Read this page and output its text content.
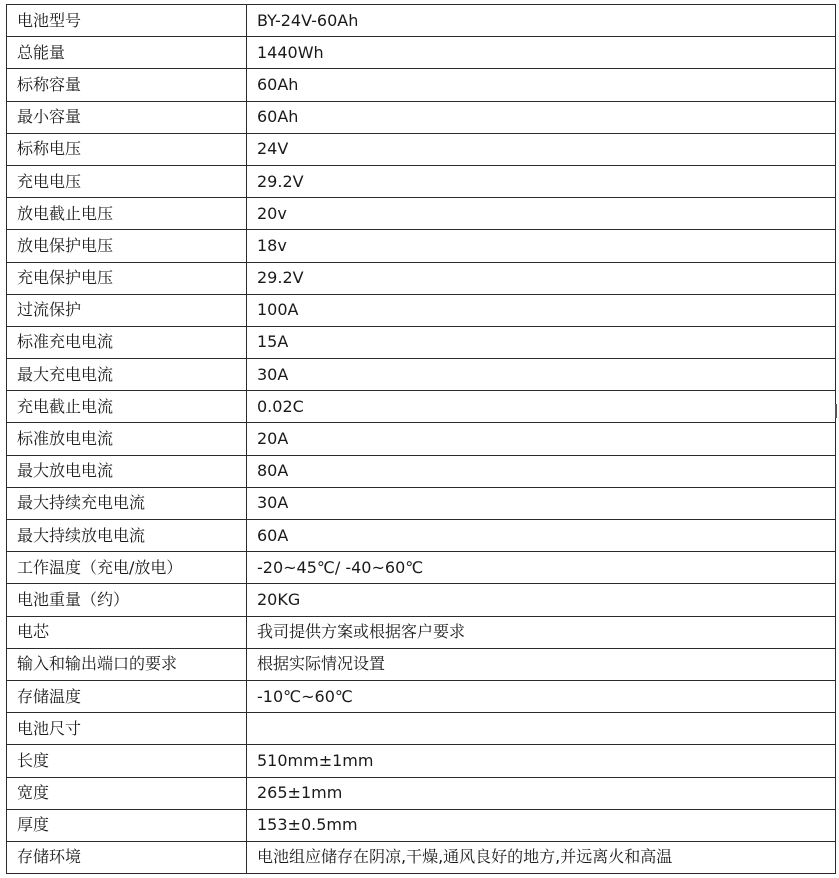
电池型号	BY-24V-60Ah
总能量	1440Wh
标称容量	60Ah
最小容量	60Ah
标称电压	24V
充电电压	29.2V
放电截止电压	20v
放电保护电压	18v
充电保护电压	29.2V
过流保护	100A
标准充电电流	15A
最大充电电流	30A
充电截止电流	0.02C
标准放电电流	20A
最大放电电流	80A
最大持续充电电流	30A
最大持续放电电流	60A
工作温度（充电/放电）	-20~45℃/ -40~60℃
电池重量（约）	20KG
电芯	我司提供方案或根据客户要求
输入和输出端口的要求	根据实际情况设置
存储温度	-10℃~60℃
电池尺寸	
长度	510mm±1mm
宽度	265±1mm
厚度	153±0.5mm
存储环境	电池组应储存在阴凉,干燥,通风良好的地方,并远离火和高温
